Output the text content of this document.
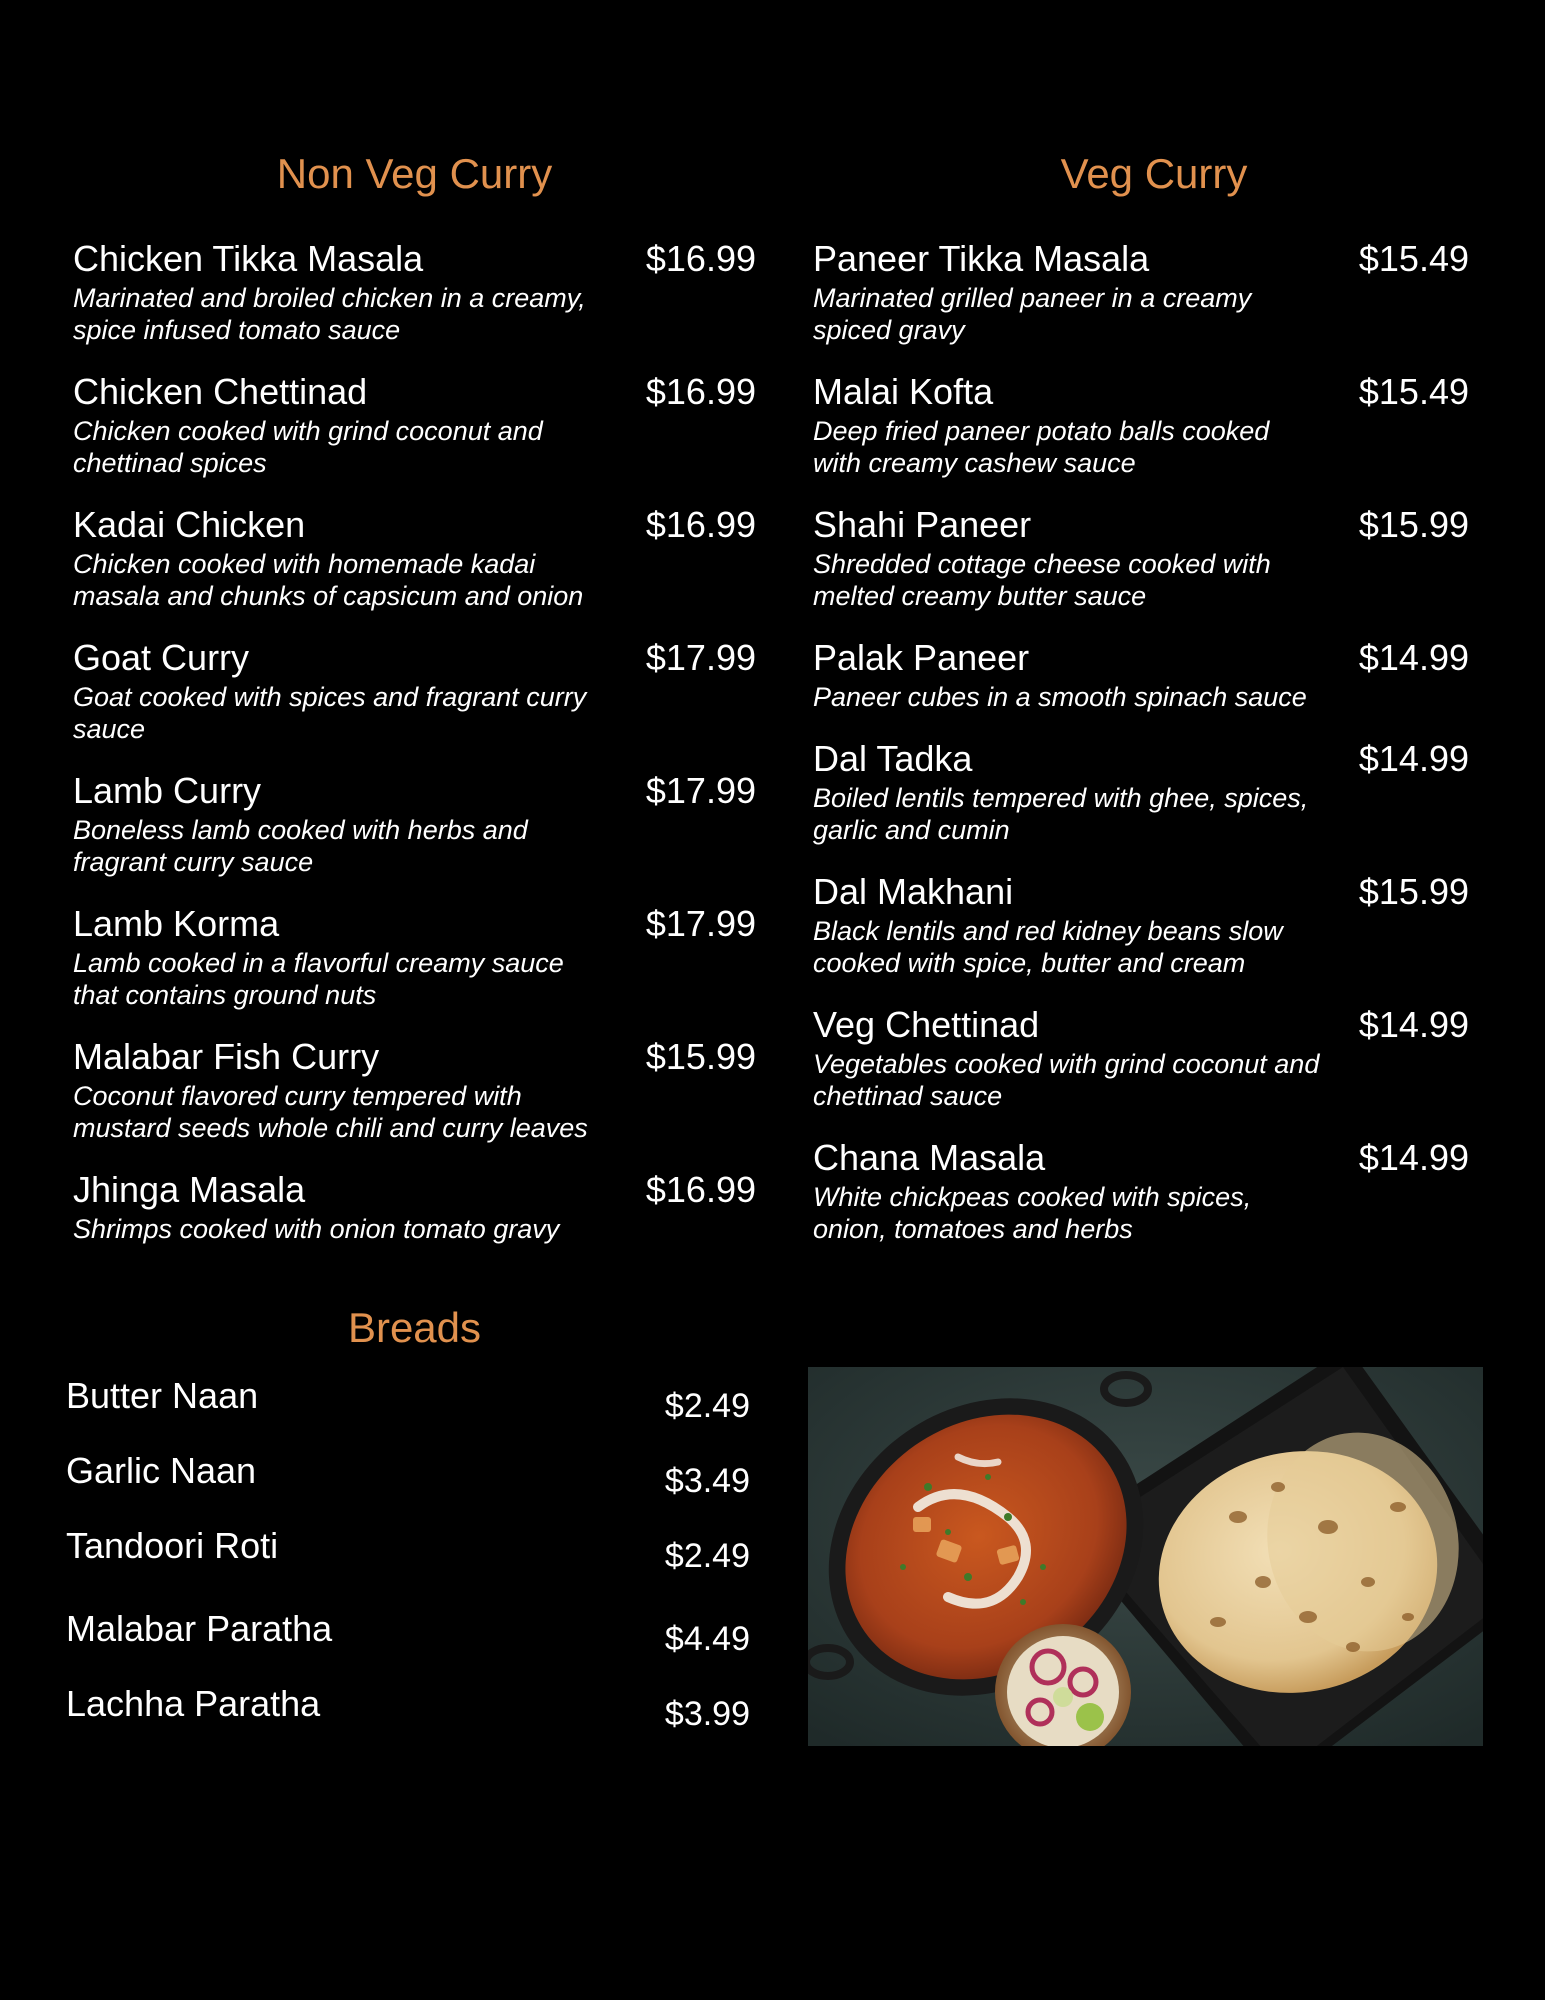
Non Veg Curry
Chicken Tikka Masala	$16.99
Marinated and broiled chicken in a creamy,
spice infused tomato sauce
Chicken Chettinad	$16.99
Chicken cooked with grind coconut and
chettinad spices
Kadai Chicken	$16.99
Chicken cooked with homemade kadai
masala and chunks of capsicum and onion
Goat Curry	$17.99
Goat cooked with spices and fragrant curry
sauce
Lamb Curry	$17.99
Boneless lamb cooked with herbs and
fragrant curry sauce
Lamb Korma	$17.99
Lamb cooked in a flavorful creamy sauce
that contains ground nuts
Malabar Fish Curry	$15.99
Coconut flavored curry tempered with
mustard seeds whole chili and curry leaves
Jhinga Masala	$16.99
Shrimps cooked with onion tomato gravy
Veg Curry
Paneer Tikka Masala	$15.49
Marinated grilled paneer in a creamy
spiced gravy
Malai Kofta	$15.49
Deep fried paneer potato balls cooked
with creamy cashew sauce
Shahi Paneer	$15.99
Shredded cottage cheese cooked with
melted creamy butter sauce
Palak Paneer	$14.99
Paneer cubes in a smooth spinach sauce
Dal Tadka	$14.99
Boiled lentils tempered with ghee, spices,
garlic and cumin
Dal Makhani	$15.99
Black lentils and red kidney beans slow
cooked with spice, butter and cream
Veg Chettinad	$14.99
Vegetables cooked with grind coconut and
chettinad sauce
Chana Masala	$14.99
White chickpeas cooked with spices,
onion, tomatoes and herbs
Breads
Butter Naan	$2.49
Garlic Naan	$3.49
Tandoori Roti	$2.49
Malabar Paratha	$4.49
Lachha Paratha	$3.99
